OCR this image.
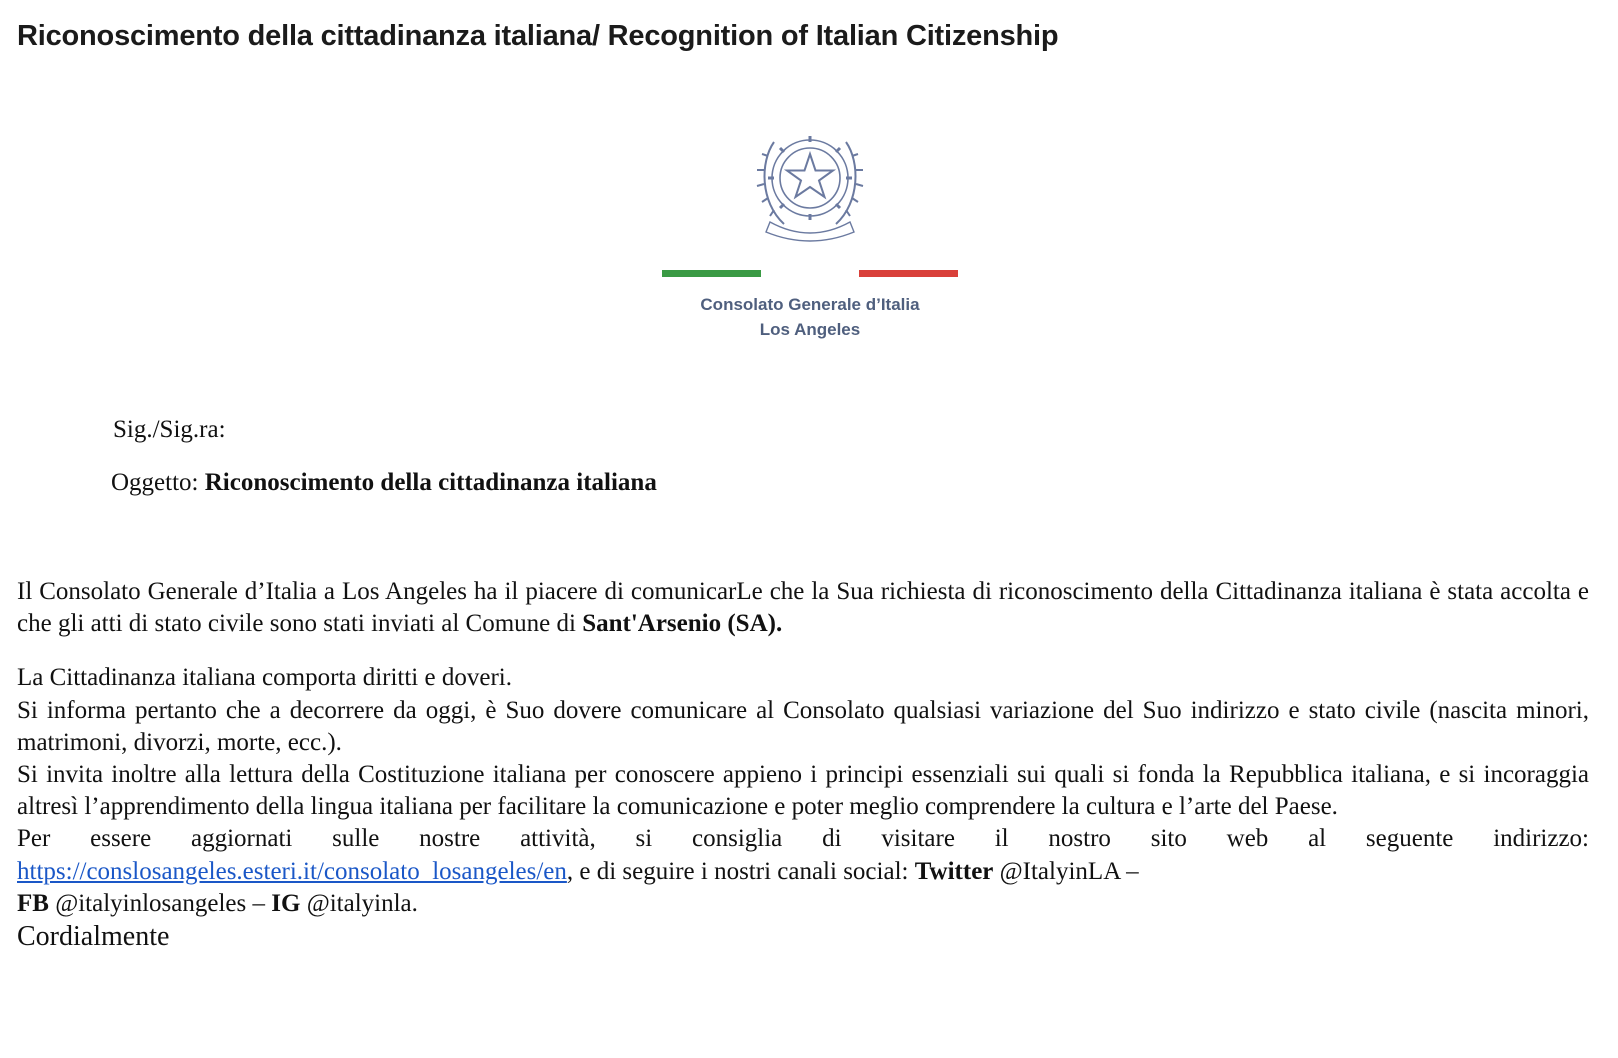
Riconoscimento della cittadinanza italiana/ Recognition of Italian Citizenship
Consolato Generale d’Italia
Los Angeles
Sig./Sig.ra:
Oggetto: Riconoscimento della cittadinanza italiana

Il Consolato Generale d’Italia a Los Angeles ha il piacere di comunicarLe che la Sua richiesta di riconoscimento della Cittadinanza italiana è stata accolta e che gli atti di stato civile sono stati inviati al Comune di Sant'Arsenio (SA).

La Cittadinanza italiana comporta diritti e doveri.

Si informa pertanto che a decorrere da oggi, è Suo dovere comunicare al Consolato qualsiasi variazione del Suo indirizzo e stato civile (nascita minori, matrimoni, divorzi, morte, ecc.).

Si invita inoltre alla lettura della Costituzione italiana per conoscere appieno i principi essenziali sui quali si fonda la Repubblica italiana, e si incoraggia altresì l’apprendimento della lingua italiana per facilitare la comunicazione e poter meglio comprendere la cultura e l’arte del Paese.

Per essere aggiornati sulle nostre attività, si consiglia di visitare il nostro sito web al seguente indirizzo:

https://conslosangeles.esteri.it/consolato_losangeles/en, e di seguire i nostri canali social: Twitter @ItalyinLA –
FB @italyinlosangeles – IG @italyinla.

Cordialmente
